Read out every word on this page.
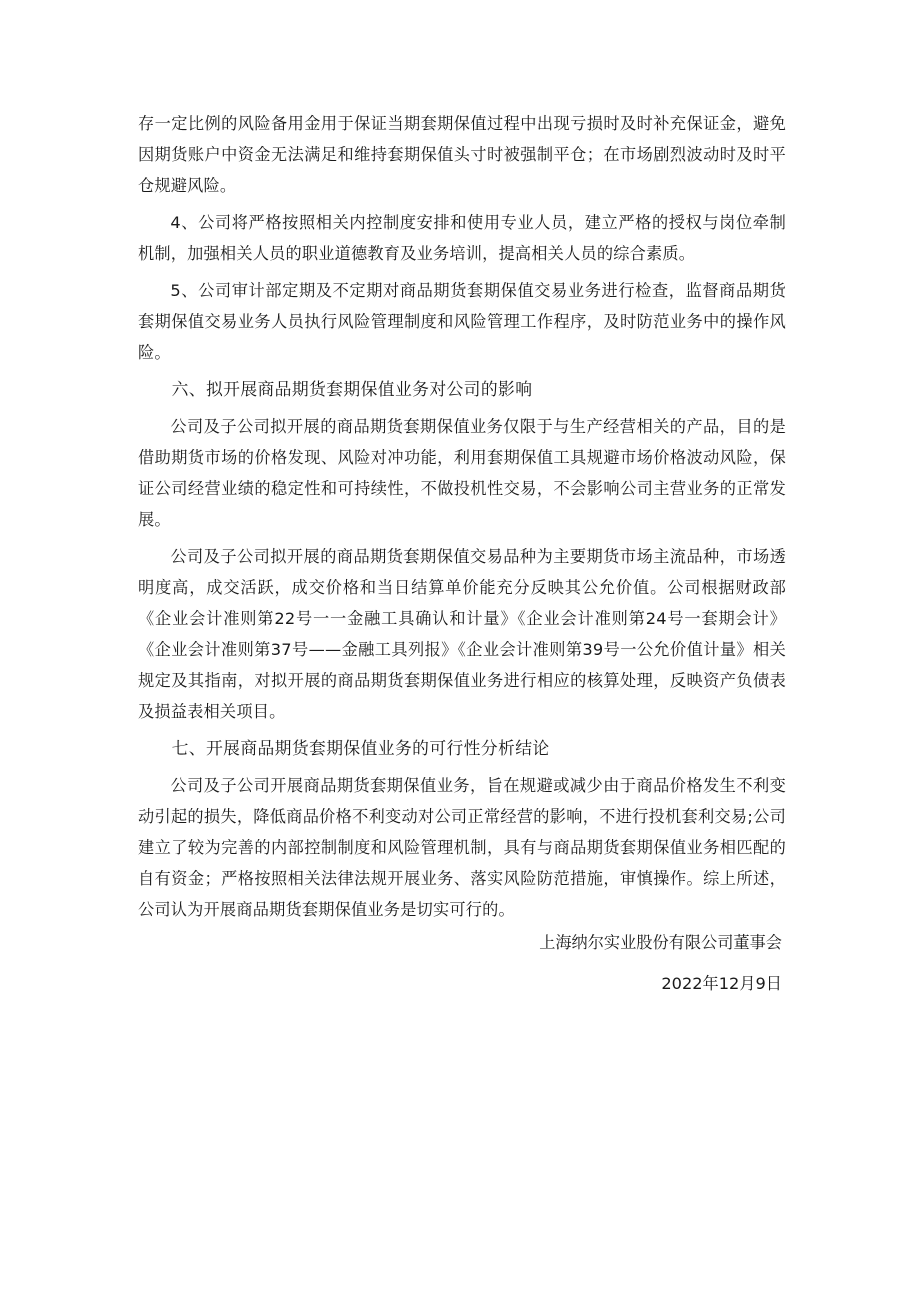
存一定比例的风险备用金用于保证当期套期保值过程中出现亏损时及时补充保证金，避免因期货账户中资金无法满足和维持套期保值头寸时被强制平仓；在市场剧烈波动时及时平仓规避风险。

4、公司将严格按照相关内控制度安排和使用专业人员，建立严格的授权与岗位牵制机制，加强相关人员的职业道德教育及业务培训，提高相关人员的综合素质。

5、公司审计部定期及不定期对商品期货套期保值交易业务进行检查，监督商品期货套期保值交易业务人员执行风险管理制度和风险管理工作程序，及时防范业务中的操作风险。

六、拟开展商品期货套期保值业务对公司的影响

公司及子公司拟开展的商品期货套期保值业务仅限于与生产经营相关的产品，目的是借助期货市场的价格发现、风险对冲功能，利用套期保值工具规避市场价格波动风险，保证公司经营业绩的稳定性和可持续性，不做投机性交易，不会影响公司主营业务的正常发展。

公司及子公司拟开展的商品期货套期保值交易品种为主要期货市场主流品种，市场透明度高，成交活跃，成交价格和当日结算单价能充分反映其公允价值。公司根据财政部《企业会计准则第22号一一金融工具确认和计量》《企业会计准则第24号一套期会计》《企业会计准则第37号——金融工具列报》《企业会计准则第39号一公允价值计量》相关规定及其指南，对拟开展的商品期货套期保值业务进行相应的核算处理，反映资产负债表及损益表相关项目。

七、开展商品期货套期保值业务的可行性分析结论

公司及子公司开展商品期货套期保值业务，旨在规避或减少由于商品价格发生不利变动引起的损失，降低商品价格不利变动对公司正常经营的影响，不进行投机套利交易;公司建立了较为完善的内部控制制度和风险管理机制，具有与商品期货套期保值业务相匹配的自有资金；严格按照相关法律法规开展业务、落实风险防范措施，审慎操作。综上所述，公司认为开展商品期货套期保值业务是切实可行的。

上海纳尔实业股份有限公司董事会

2022年12月9日
